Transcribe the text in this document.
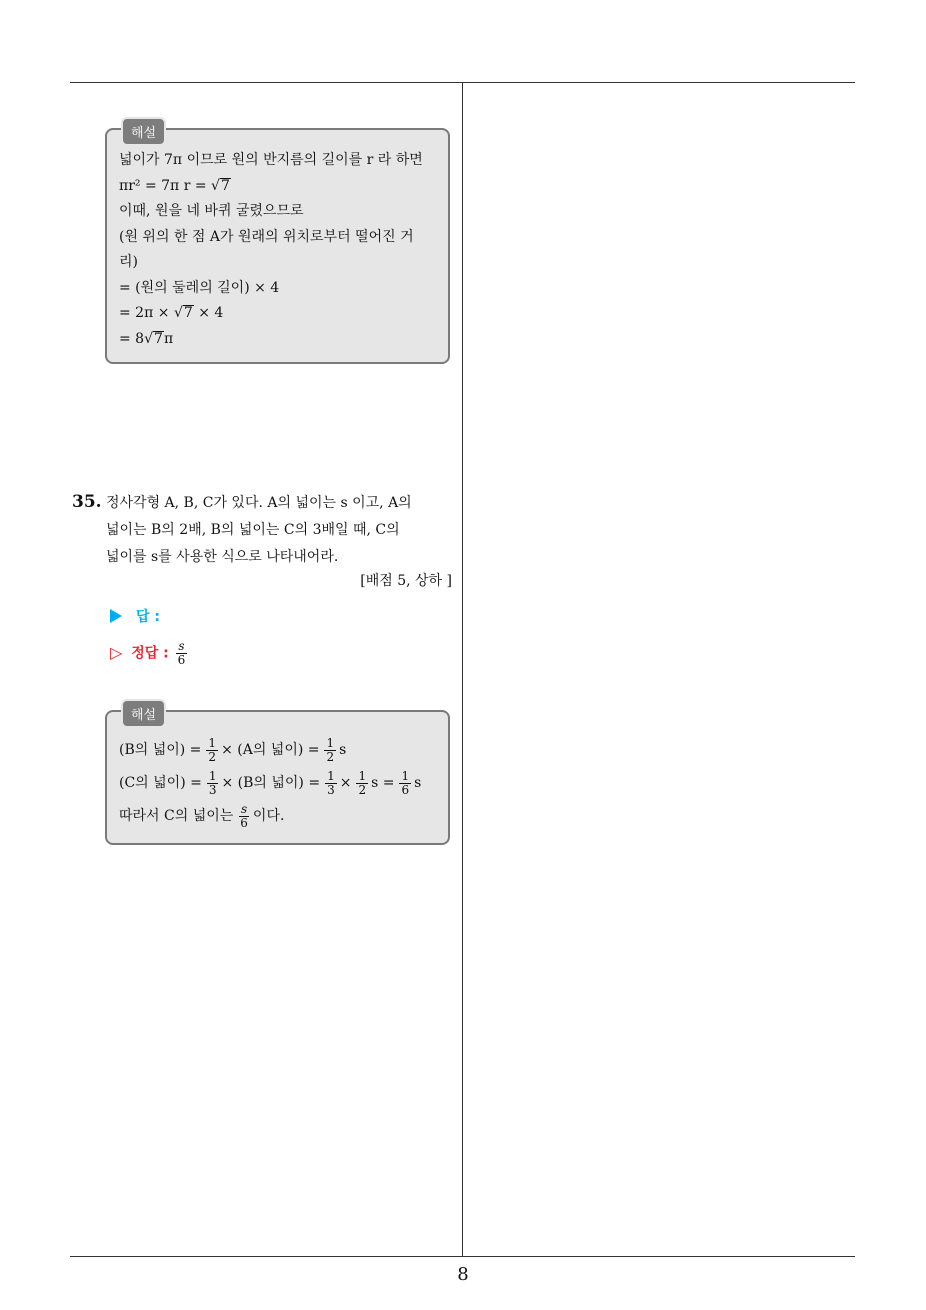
8
해설
넓이가 7π 이므로 원의 반지름의 길이를 r 라 하면
πr² = 7π r = √7
이때, 원을 네 바퀴 굴렸으므로
(원 위의 한 점 A가 원래의 위치로부터 떨어진 거
리)
= (원의 둘레의 길이) × 4
= 2π × √7 × 4
= 8√7π
35. 정사각형 A, B, C가 있다. A의 넓이는 s 이고, A의
넓이는 B의 2배, B의 넓이는 C의 3배일 때, C의
넓이를 s를 사용한 식으로 나타내어라.
[배점 5, 상하 ]
답 :
▷ 정답 : $\frac{s}{6}$
해설
(B의 넓이) = $\frac{1}{2} \times (A$의 넓이) = $\frac{1}{2}$ s
(C의 넓이) = $\frac{1}{3} \times (B$의 넓이) = $\frac{1}{3} \times \frac{1}{2}$ $s = \frac{1}{6}$ s
따라서 C의 넓이는 $\frac{s}{6}$ 이다.
